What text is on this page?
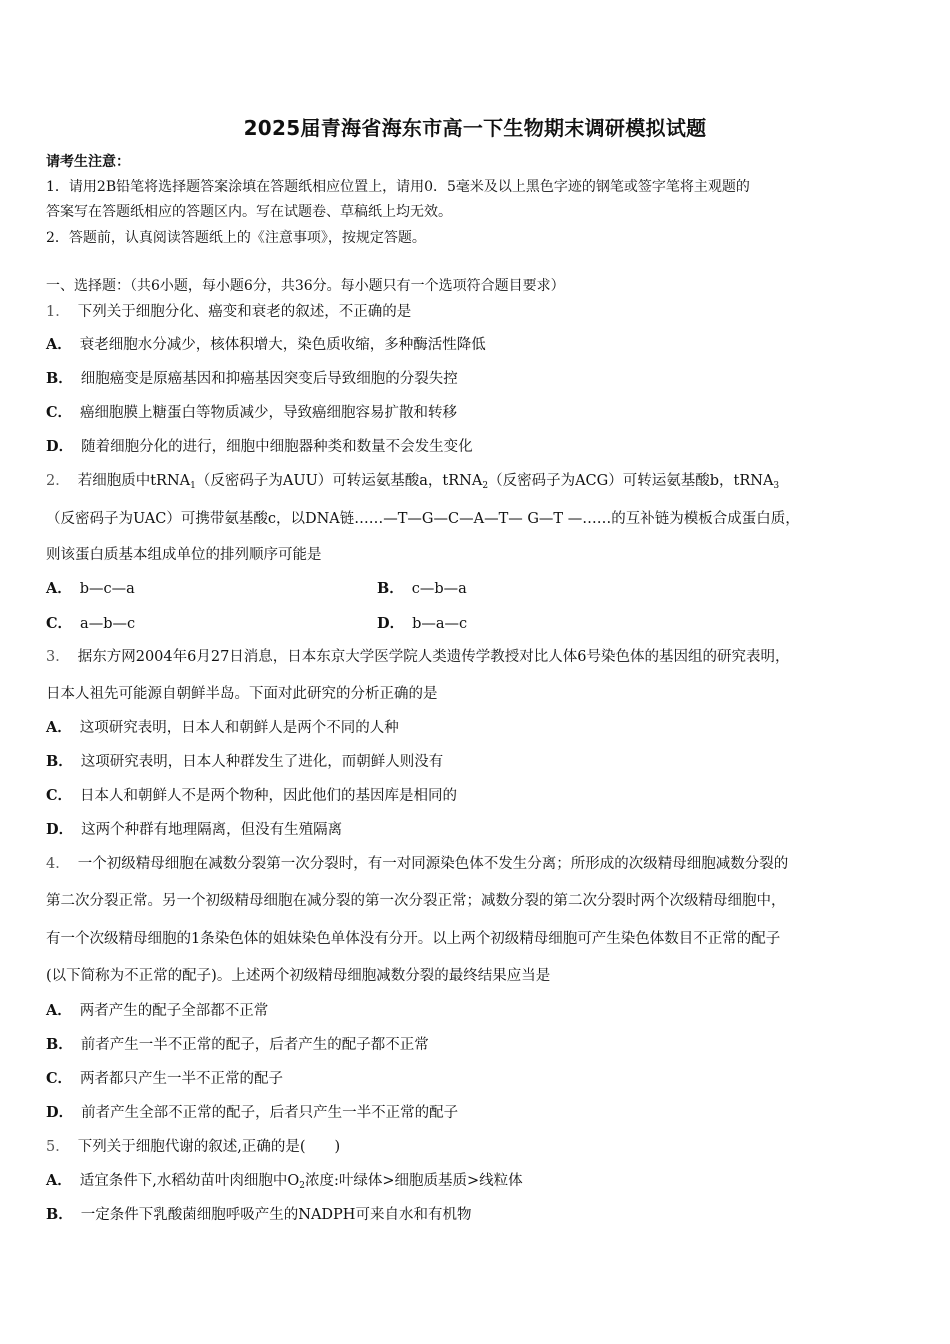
2025届青海省海东市高一下生物期末调研模拟试题
请考生注意：
1．请用2B铅笔将选择题答案涂填在答题纸相应位置上，请用0．5毫米及以上黑色字迹的钢笔或签字笔将主观题的
答案写在答题纸相应的答题区内。写在试题卷、草稿纸上均无效。
2．答题前，认真阅读答题纸上的《注意事项》，按规定答题。
一、选择题：（共6小题，每小题6分，共36分。每小题只有一个选项符合题目要求）
1． 下列关于细胞分化、癌变和衰老的叙述，不正确的是
A． 衰老细胞水分减少，核体积增大，染色质收缩，多种酶活性降低
B． 细胞癌变是原癌基因和抑癌基因突变后导致细胞的分裂失控
C． 癌细胞膜上糖蛋白等物质减少，导致癌细胞容易扩散和转移
D． 随着细胞分化的进行，细胞中细胞器种类和数量不会发生变化
2． 若细胞质中tRNA$_1$（反密码子为AUU）可转运氨基酸a，tRNA$_2$（反密码子为ACG）可转运氨基酸b，tRNA$_3$
（反密码子为UAC）可携带氨基酸c，以DNA链……—T—G—C—A—T— G—T —……的互补链为模板合成蛋白质，
则该蛋白质基本组成单位的排列顺序可能是
A． b—c—a	B． c—b—a
C． a—b—c	D． b—a—c
3． 据东方网2004年6月27日消息，日本东京大学医学院人类遗传学教授对比人体6号染色体的基因组的研究表明，
日本人祖先可能源自朝鲜半岛。下面对此研究的分析正确的是
A． 这项研究表明，日本人和朝鲜人是两个不同的人种
B． 这项研究表明，日本人种群发生了进化，而朝鲜人则没有
C． 日本人和朝鲜人不是两个物种，因此他们的基因库是相同的
D． 这两个种群有地理隔离，但没有生殖隔离
4． 一个初级精母细胞在减数分裂第一次分裂时，有一对同源染色体不发生分离；所形成的次级精母细胞减数分裂的
第二次分裂正常。另一个初级精母细胞在减分裂的第一次分裂正常；减数分裂的第二次分裂时两个次级精母细胞中，
有一个次级精母细胞的1条染色体的姐妹染色单体没有分开。以上两个初级精母细胞可产生染色体数目不正常的配子
(以下简称为不正常的配子)。上述两个初级精母细胞减数分裂的最终结果应当是
A． 两者产生的配子全部都不正常
B． 前者产生一半不正常的配子，后者产生的配子都不正常
C． 两者都只产生一半不正常的配子
D． 前者产生全部不正常的配子，后者只产生一半不正常的配子
5． 下列关于细胞代谢的叙述,正确的是(　　)
A． 适宜条件下,水稻幼苗叶肉细胞中$O_2$浓度:叶绿体>细胞质基质>线粒体
B． 一定条件下乳酸菌细胞呼吸产生的NADPH可来自水和有机物
